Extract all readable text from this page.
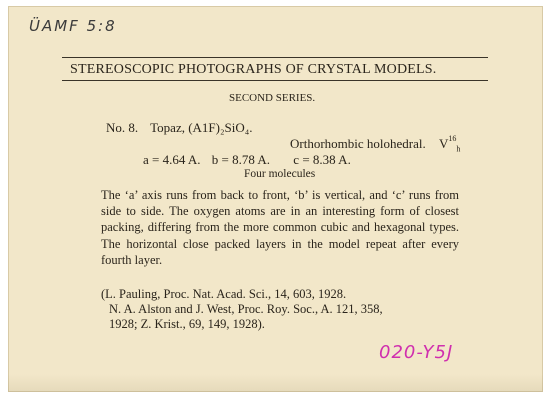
ÜAMF 5:8
STEREOSCOPIC PHOTOGRAPHS OF CRYSTAL MODELS.
SECOND SERIES.
No. 8. Topaz, (A1F)₂SiO₄.
Orthorhombic holohedral. $V^{16}_h$
a = 4.64 A. b = 8.78 A. c = 8.38 A.
Four molecules
The ‘a’ axis runs from back to front, ‘b’ is vertical, and ‘c’ runs from side to side. The oxygen atoms are in an interesting form of closest packing, differing from the more common cubic and hexagonal types. The horizontal close packed layers in the model repeat after every fourth layer.
(L. Pauling, Proc. Nat. Acad. Sci., 14, 603, 1928.
N. A. Alston and J. West, Proc. Roy. Soc., A. 121, 358,
1928; Z. Krist., 69, 149, 1928).
020-Y5J
